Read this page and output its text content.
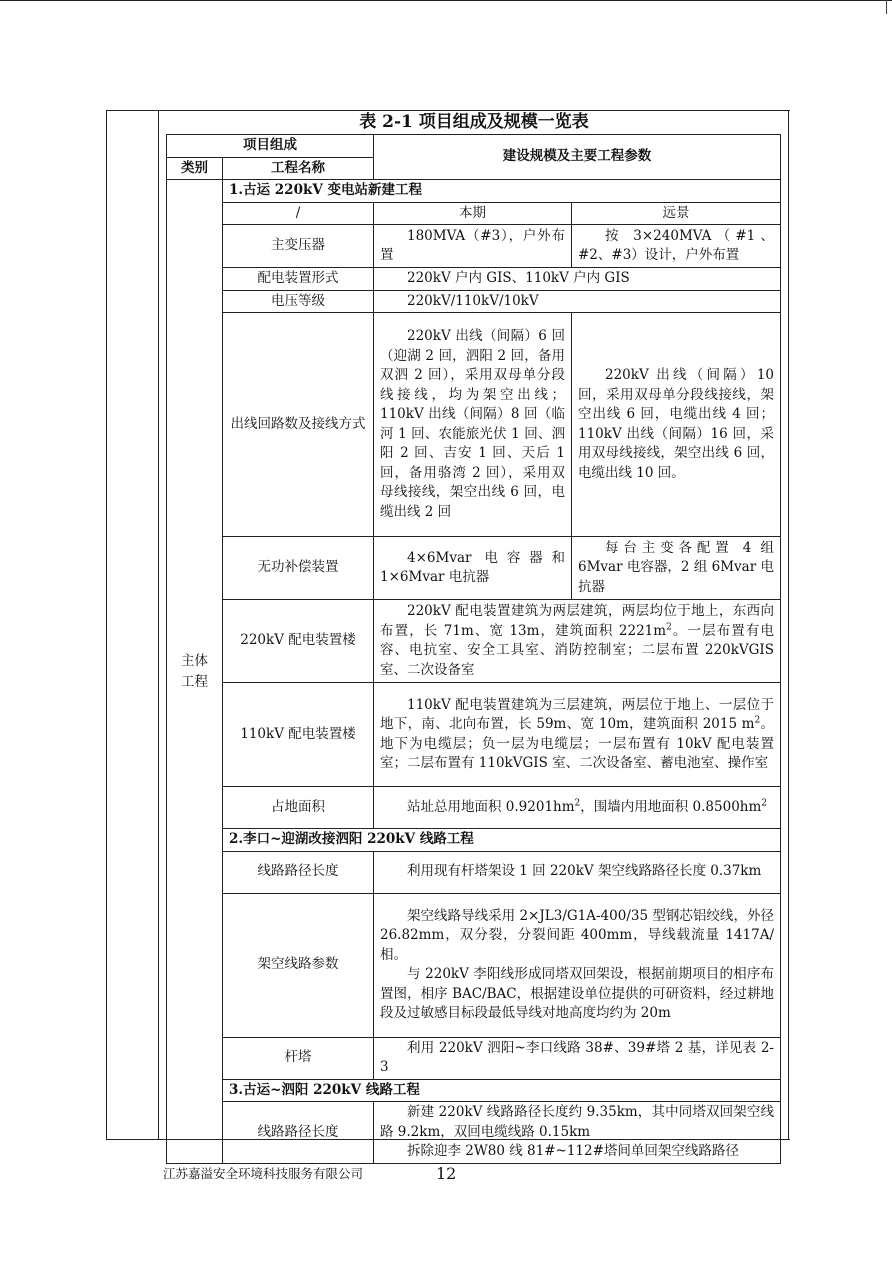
表 2-1 项目组成及规模一览表
项目组成		建设规模及主要工程参数	
类别	工程名称		
主体工程	1.古运 220kV 变电站新建工程		
	/	本期	远景
	主变压器	180MVA（#3），户外布置	按 3×240MVA（#1、#2、#3）设计，户外布置
	配电装置形式	220kV 户内 GIS、110kV 户内 GIS	
	电压等级	220kV/110kV/10kV	
	出线回路数及接线方式	220kV 出线（间隔）6 回（迎湖 2 回，泗阳 2 回，备用双泗 2 回），采用双母单分段线接线，均为架空出线；110kV 出线（间隔）8 回（临河 1 回、农能旅光伏 1 回、泗阳 2 回、吉安 1 回、天后 1 回，备用骆湾 2 回），采用双母线接线，架空出线 6 回，电缆出线 2 回	220kV 出线（间隔）10 回，采用双母单分段线接线，架空出线 6 回，电缆出线 4 回；110kV 出线（间隔）16 回，采用双母线接线，架空出线 6 回，电缆出线 10 回。
	无功补偿装置	4×6Mvar 电容器和 1×6Mvar 电抗器	每台主变各配置 4 组 6Mvar 电容器，2 组 6Mvar 电抗器
	220kV 配电装置楼	220kV 配电装置建筑为两层建筑，两层均位于地上，东西向布置，长 71m、宽 13m，建筑面积 $2221m^2$。一层布置有电容、电抗室、安全工具室、消防控制室；二层布置 220kVGIS 室、二次设备室	
	110kV 配电装置楼	110kV 配电装置建筑为三层建筑，两层位于地上、一层位于地下，南、北向布置，长 59m、宽 10m，建筑面积 2015 $m^2$。地下为电缆层；负一层为电缆层；一层布置有 10kV 配电装置室；二层布置有 110kVGIS 室、二次设备室、蓄电池室、操作室	
	占地面积	站址总用地面积 $0.9201hm^2$，围墙内用地面积 $0.8500hm^2$
	2.李口~迎湖改接泗阳 220kV 线路工程		
	线路路径长度	利用现有杆塔架设 1 回 220kV 架空线路路径长度 0.37km	
	架空线路参数	架空线路导线采用 2×JL3/G1A-400/35 型钢芯铝绞线，外径 26.82mm，双分裂，分裂间距 400mm，导线载流量 1417A/相。

与 220kV 李阳线形成同塔双回架设，根据前期项目的相序布置图，相序 BAC/BAC，根据建设单位提供的可研资料，经过耕地段及过敏感目标段最低导线对地高度均约为 20m	

	杆塔	利用 220kV 泗阳~李口线路 38#、39#塔 2 基，详见表 2-3	
	3.古运~泗阳 220kV 线路工程		
	线路路径长度	新建 220kV 线路路径长度约 9.35km，其中同塔双回架空线路 9.2km，双回电缆线路 0.15km

拆除迎李 2W80 线 81#~112#塔间单回架空线路路径	

江苏嘉溢安全环境科技服务有限公司	12
